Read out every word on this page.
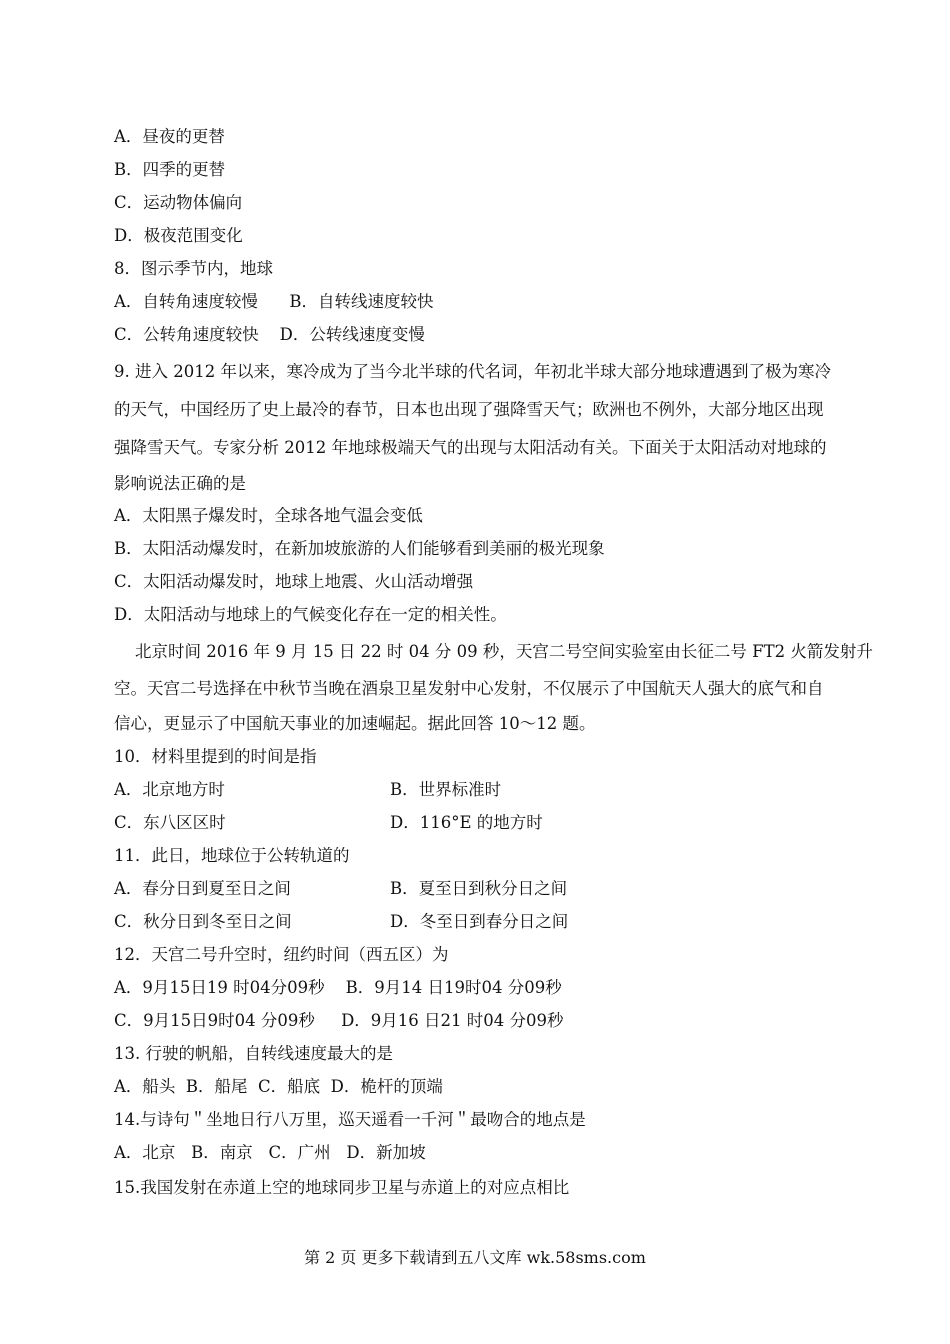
A．昼夜的更替
B．四季的更替
C．运动物体偏向
D．极夜范围变化
8．图示季节内，地球
A．自转角速度较慢      B．自转线速度较快
C．公转角速度较快    D．公转线速度变慢
9. 进入 2012 年以来，寒冷成为了当今北半球的代名词，年初北半球大部分地球遭遇到了极为寒冷
的天气，中国经历了史上最冷的春节，日本也出现了强降雪天气；欧洲也不例外，大部分地区出现
强降雪天气。专家分析 2012 年地球极端天气的出现与太阳活动有关。下面关于太阳活动对地球的
影响说法正确的是
A．太阳黑子爆发时，全球各地气温会变低
B．太阳活动爆发时，在新加坡旅游的人们能够看到美丽的极光现象
C．太阳活动爆发时，地球上地震、火山活动增强
D．太阳活动与地球上的气候变化存在一定的相关性。
北京时间 2016 年 9 月 15 日 22 时 04 分 09 秒，天宫二号空间实验室由长征二号 FT2 火箭发射升
空。天宫二号选择在中秋节当晚在酒泉卫星发射中心发射，不仅展示了中国航天人强大的底气和自
信心，更显示了中国航天事业的加速崛起。据此回答 10～12 题。
10．材料里提到的时间是指
A．北京地方时	B．世界标准时
C．东八区区时	D．116°E 的地方时
11．此日，地球位于公转轨道的
A．春分日到夏至日之间	B．夏至日到秋分日之间
C．秋分日到冬至日之间	D．冬至日到春分日之间
12．天宫二号升空时，纽约时间（西五区）为
A．9月15日19 时04分09秒    B．9月14 日19时04 分09秒
C．9月15日9时04 分09秒     D．9月16 日21 时04 分09秒
13. 行驶的帆船，自转线速度最大的是
A．船头  B．船尾  C．船底  D．桅杆的顶端
14.与诗句＂坐地日行八万里，巡天遥看一千河＂最吻合的地点是
A．北京   B．南京   C．广州   D．新加坡
15.我国发射在赤道上空的地球同步卫星与赤道上的对应点相比
第 2 页 更多下载请到五八文库 wk.58sms.com
